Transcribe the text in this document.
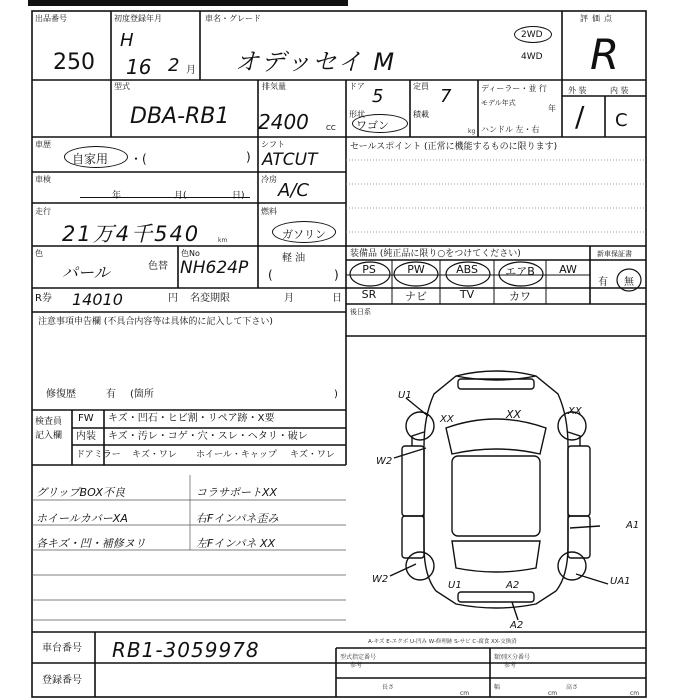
出品番号
250
初度登録年月
H
16 2 月
車名・グレード
オデッセイ M
2WD
4WD
評価点
R
型式
DBA-RB1
排気量
2400 CC
ドア 5
形状
ワゴン
定員 7
積載
kg
ディーラー・並 行
モデル年式
年
ハンドル 左・右
外 装	内 装
/ C
車歴
自家用 ・(	)
シフト
ATCUT
車検
年	月(	日)
冷房
A/C
走行
21万4千540	km
燃料
ガソリン
色
パール	色替
色No
NH624P	軽 油
(	)
R券 14010	円 名変期限	月	日
注意事項申告欄 (不具合内容等は具体的に記入して下さい)
修復歴	有 (箇所	)
検査員
記入欄
FW キズ・凹石・ヒビ割・リペア跡・X要
内装 キズ・汚レ・コゲ・穴・スレ・ヘタリ・破レ
ドアミラー キズ・ワレ ホイール・キャップ キズ・ワレ
グリップBOX不良	コラサポートXX
ホイールカバーXA	右Fインパネ歪み
各キズ・凹・補修ヌリ	左Fインパネ XX
セールスポイント (正常に機能するものに限ります)
装備品 (純正品に限り○をつけてください)	新車保証書
PS	PW	ABS	エアB	AW
SR	ナビ	TV	カワ
有 無
後日系
U1
XX	XX	XX
W2
A1
W2
U1	A2	UA1
A2
A-キズ E-エクボ U-凹み W-修理跡 S-サビ C-腐食 XX-交換済
車台番号 RB1-3059978
登録番号
型式指定番号
参考
類別区分番号
参考
長さ
cm
幅
cm
高さ
cm
